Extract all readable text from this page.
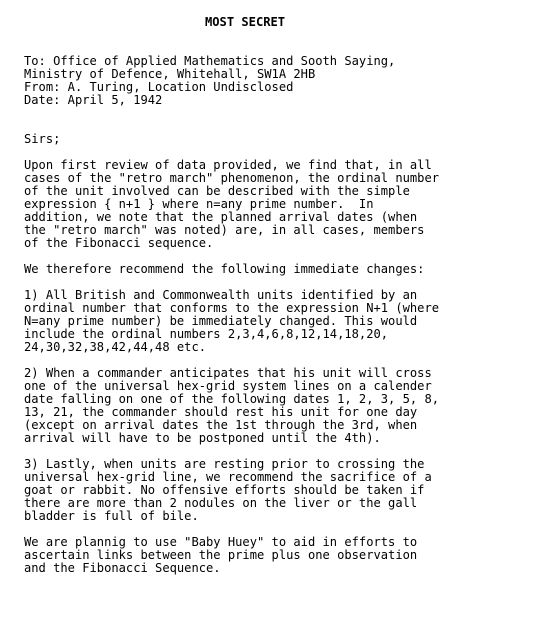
MOST SECRET
To: Office of Applied Mathematics and Sooth Saying,
Ministry of Defence, Whitehall, SW1A 2HB
From: A. Turing, Location Undisclosed
Date: April 5, 1942
Sirs;
Upon first review of data provided, we find that, in all
cases of the "retro march" phenomenon, the ordinal number
of the unit involved can be described with the simple
expression { n+1 } where n=any prime number.  In
addition, we note that the planned arrival dates (when
the "retro march" was noted) are, in all cases, members
of the Fibonacci sequence.
We therefore recommend the following immediate changes:
1) All British and Commonwealth units identified by an
ordinal number that conforms to the expression N+1 (where
N=any prime number) be immediately changed. This would
include the ordinal numbers 2,3,4,6,8,12,14,18,20,
24,30,32,38,42,44,48 etc.
2) When a commander anticipates that his unit will cross
one of the universal hex-grid system lines on a calender
date falling on one of the following dates 1, 2, 3, 5, 8,
13, 21, the commander should rest his unit for one day
(except on arrival dates the 1st through the 3rd, when
arrival will have to be postponed until the 4th).
3) Lastly, when units are resting prior to crossing the
universal hex-grid line, we recommend the sacrifice of a
goat or rabbit. No offensive efforts should be taken if
there are more than 2 nodules on the liver or the gall
bladder is full of bile.
We are plannig to use "Baby Huey" to aid in efforts to
ascertain links between the prime plus one observation
and the Fibonacci Sequence.
